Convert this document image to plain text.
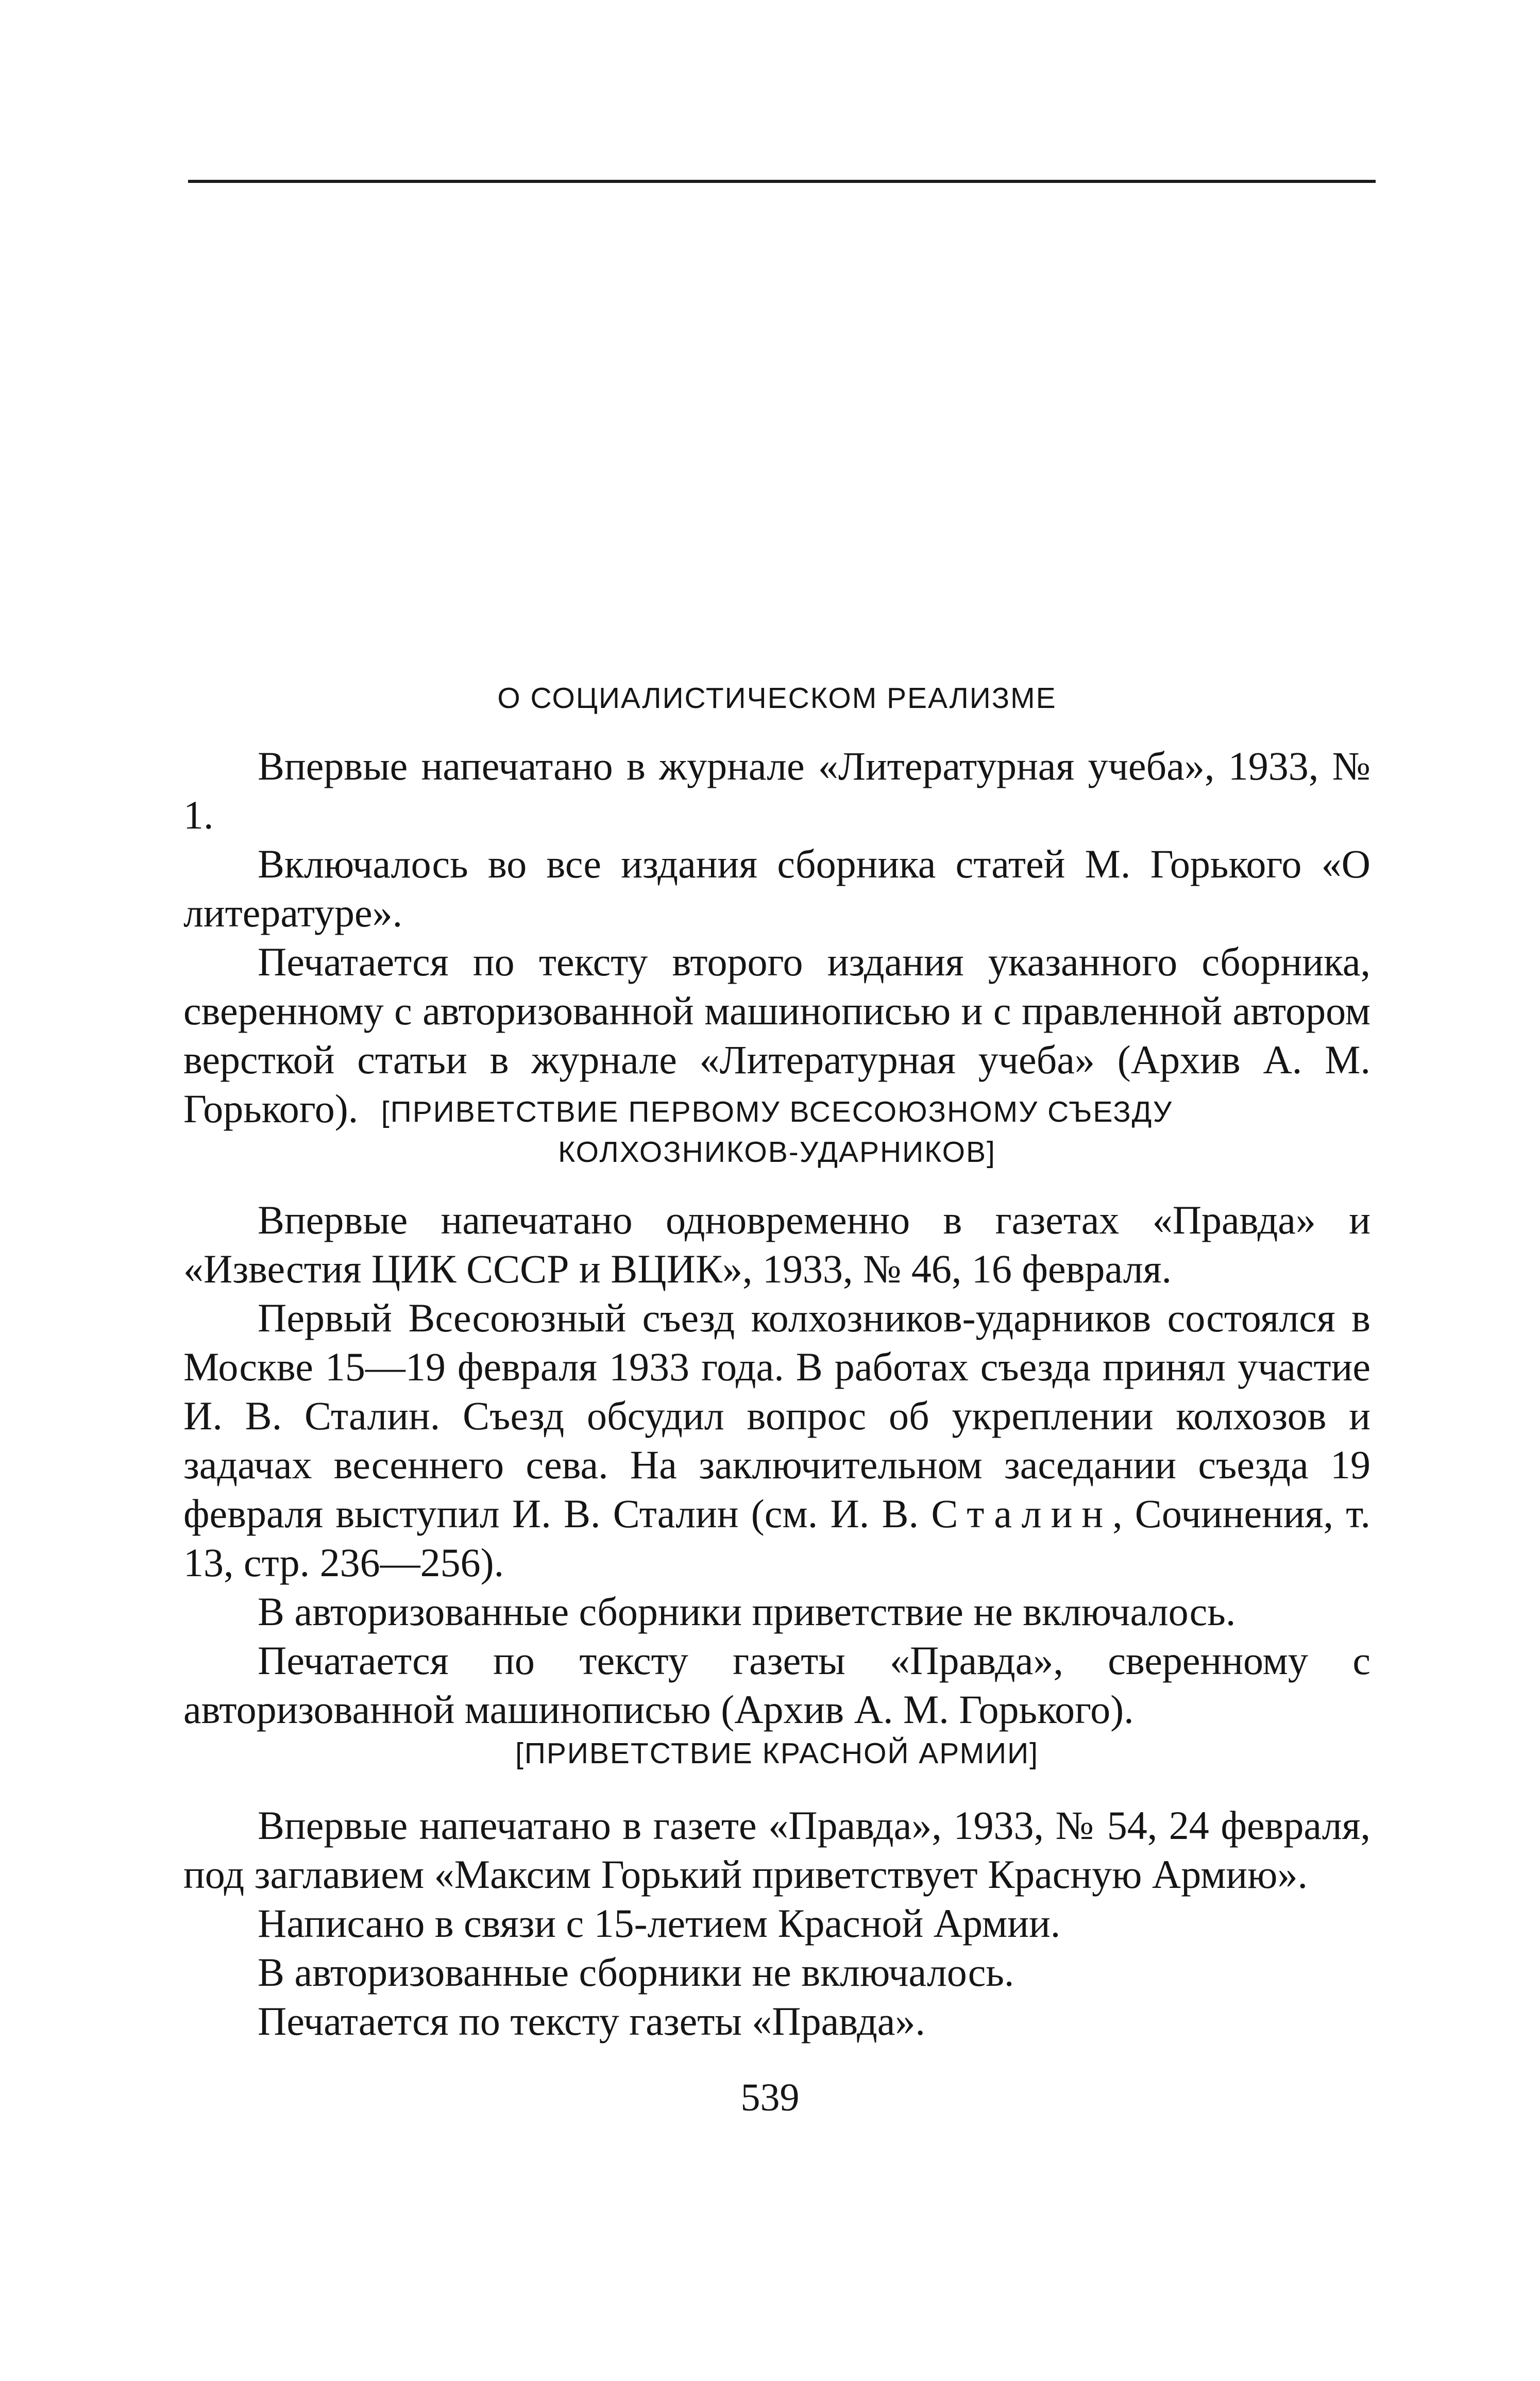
О СОЦИАЛИСТИЧЕСКОМ РЕАЛИЗМЕ

Впервые напечатано в журнале «Литературная учеба», 1933, № 1.

Включалось во все издания сборника статей М. Горького «О литературе».

Печатается по тексту второго издания указанного сборника, сверенному с авторизованной машинописью и с правленной автором версткой статьи в журнале «Литературная учеба» (Архив А. М. Горького). [ПРИВЕТСТВИЕ ПЕРВОМУ ВСЕСОЮЗНОМУ СЪЕЗДУ
КОЛХОЗНИКОВ-УДАРНИКОВ]

Впервые напечатано одновременно в газетах «Правда» и «Известия ЦИК СССР и ВЦИК», 1933, № 46, 16 февраля.

Первый Всесоюзный съезд колхозников-ударников состоялся в Москве 15—19 февраля 1933 года. В работах съезда принял участие И. В. Сталин. Съезд обсудил вопрос об укреплении колхозов и задачах весеннего сева. На заключительном заседании съезда 19 февраля выступил И. В. Сталин (см. И. В. Сталин, Сочинения, т. 13, стр. 236—256).

В авторизованные сборники приветствие не включалось.

Печатается по тексту газеты «Правда», сверенному с авторизованной машинописью (Архив А. М. Горького).

[ПРИВЕТСТВИЕ КРАСНОЙ АРМИИ]

Впервые напечатано в газете «Правда», 1933, № 54, 24 февраля, под заглавием «Максим Горький приветствует Красную Армию».

Написано в связи с 15-летием Красной Армии.

В авторизованные сборники не включалось.

Печатается по тексту газеты «Правда».

539
